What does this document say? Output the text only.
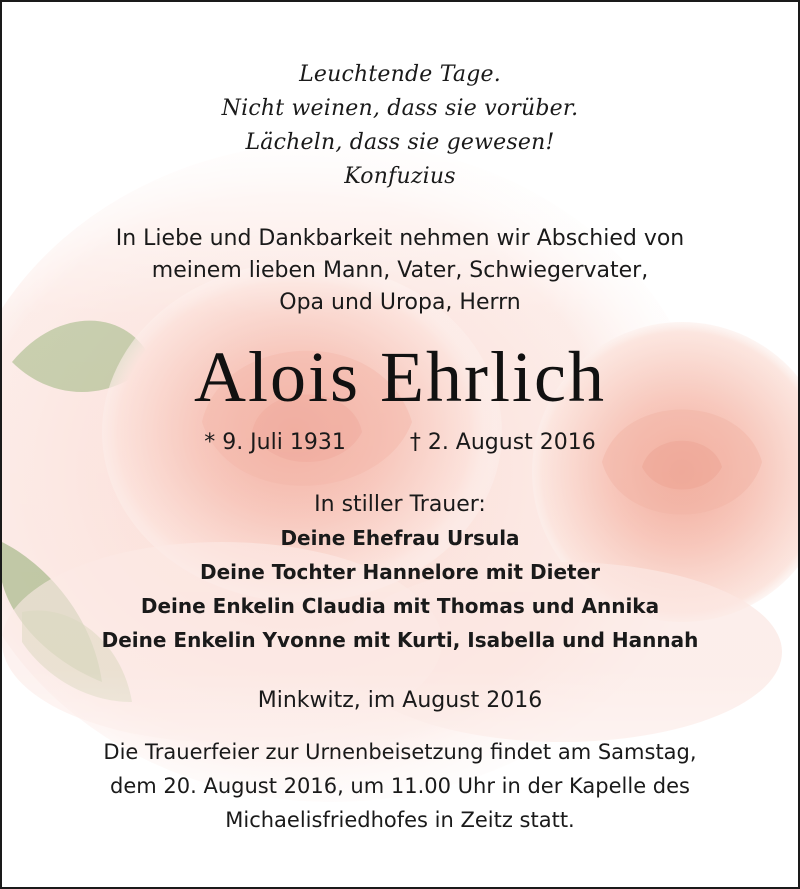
Leuchtende Tage.
Nicht weinen, dass sie vorüber.
Lächeln, dass sie gewesen!
Konfuzius
In Liebe und Dankbarkeit nehmen wir Abschied von
meinem lieben Mann, Vater, Schwiegervater,
Opa und Uropa, Herrn
Alois Ehrlich
* 9. Juli 1931	† 2. August 2016
In stiller Trauer:
Deine Ehefrau Ursula
Deine Tochter Hannelore mit Dieter
Deine Enkelin Claudia mit Thomas und Annika
Deine Enkelin Yvonne mit Kurti, Isabella und Hannah
Minkwitz, im August 2016
Die Trauerfeier zur Urnenbeisetzung findet am Samstag,
dem 20. August 2016, um 11.00 Uhr in der Kapelle des
Michaelisfriedhofes in Zeitz statt.
